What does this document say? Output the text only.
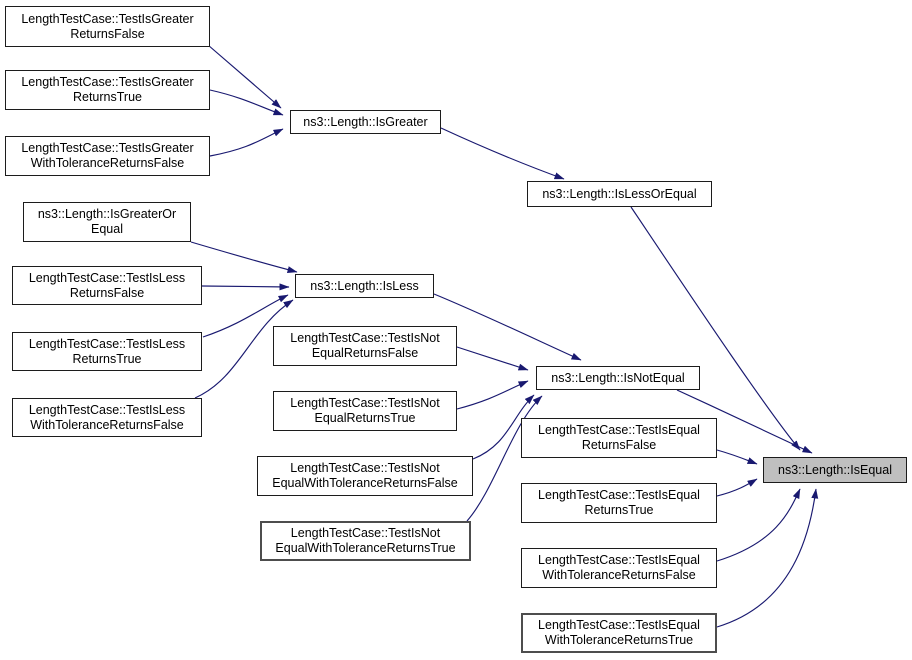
LengthTestCase::TestIsGreater
ReturnsFalse
LengthTestCase::TestIsGreater
ReturnsTrue
LengthTestCase::TestIsGreater
WithToleranceReturnsFalse
ns3::Length::IsGreater
ns3::Length::IsLessOrEqual
ns3::Length::IsGreaterOr
Equal
LengthTestCase::TestIsLess
ReturnsFalse
LengthTestCase::TestIsLess
ReturnsTrue
LengthTestCase::TestIsLess
WithToleranceReturnsFalse
ns3::Length::IsLess
LengthTestCase::TestIsNot
EqualReturnsFalse
LengthTestCase::TestIsNot
EqualReturnsTrue
ns3::Length::IsNotEqual
LengthTestCase::TestIsNot
EqualWithToleranceReturnsFalse
LengthTestCase::TestIsNot
EqualWithToleranceReturnsTrue
LengthTestCase::TestIsEqual
ReturnsFalse
LengthTestCase::TestIsEqual
ReturnsTrue
ns3::Length::IsEqual
LengthTestCase::TestIsEqual
WithToleranceReturnsFalse
LengthTestCase::TestIsEqual
WithToleranceReturnsTrue
